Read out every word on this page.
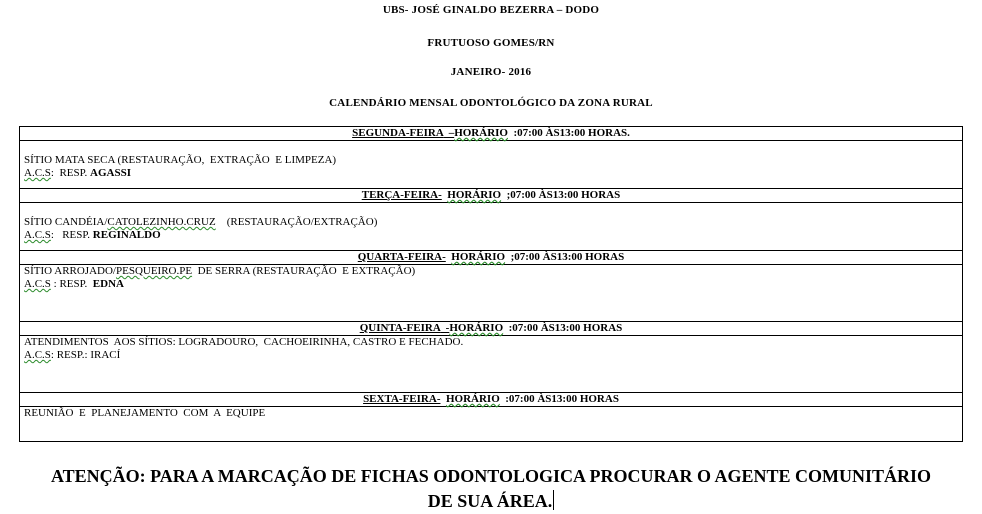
UBS- JOSÉ GINALDO BEZERRA – DODO
FRUTUOSO GOMES/RN
JANEIRO- 2016
CALENDÁRIO MENSAL ODONTOLÓGICO DA ZONA RURAL
SEGUNDA-FEIRA  –HORÁRIO  :07:00 ÀS13:00 HORAS.

SÍTIO MATA SECA (RESTAURAÇÃO,  EXTRAÇÃO  E LIMPEZA)
A.C.S:  RESP. AGASSI

TERÇA-FEIRA- HORÁRIO  ;07:00 ÀS13:00 HORAS

SÍTIO CANDÉIA/CATOLEZINHO.CRUZ    (RESTAURAÇÃO/EXTRAÇÃO)
A.C.S:   RESP. REGINALDO

QUARTA-FEIRA- HORÁRIO  ;07:00 ÀS13:00 HORAS

SÍTIO ARROJADO/PESQUEIRO.PE  DE SERRA (RESTAURAÇÃO  E EXTRAÇÃO)
A.C.S : RESP.  EDNA

QUINTA-FEIRA  -HORÁRIO  :07:00 ÀS13:00 HORAS

ATENDIMENTOS  AOS SÍTIOS: LOGRADOURO,  CACHOEIRINHA, CASTRO E FECHADO.
A.C.S: RESP.: IRACÍ

SEXTA-FEIRA- HORÁRIO  :07:00 ÀS13:00 HORAS

REUNIÃO  E  PLANEJAMENTO  COM  A  EQUIPE
ATENÇÃO: PARA A MARCAÇÃO DE FICHAS ODONTOLOGICA PROCURAR O AGENTE COMUNITÁRIO
DE SUA ÁREA.
